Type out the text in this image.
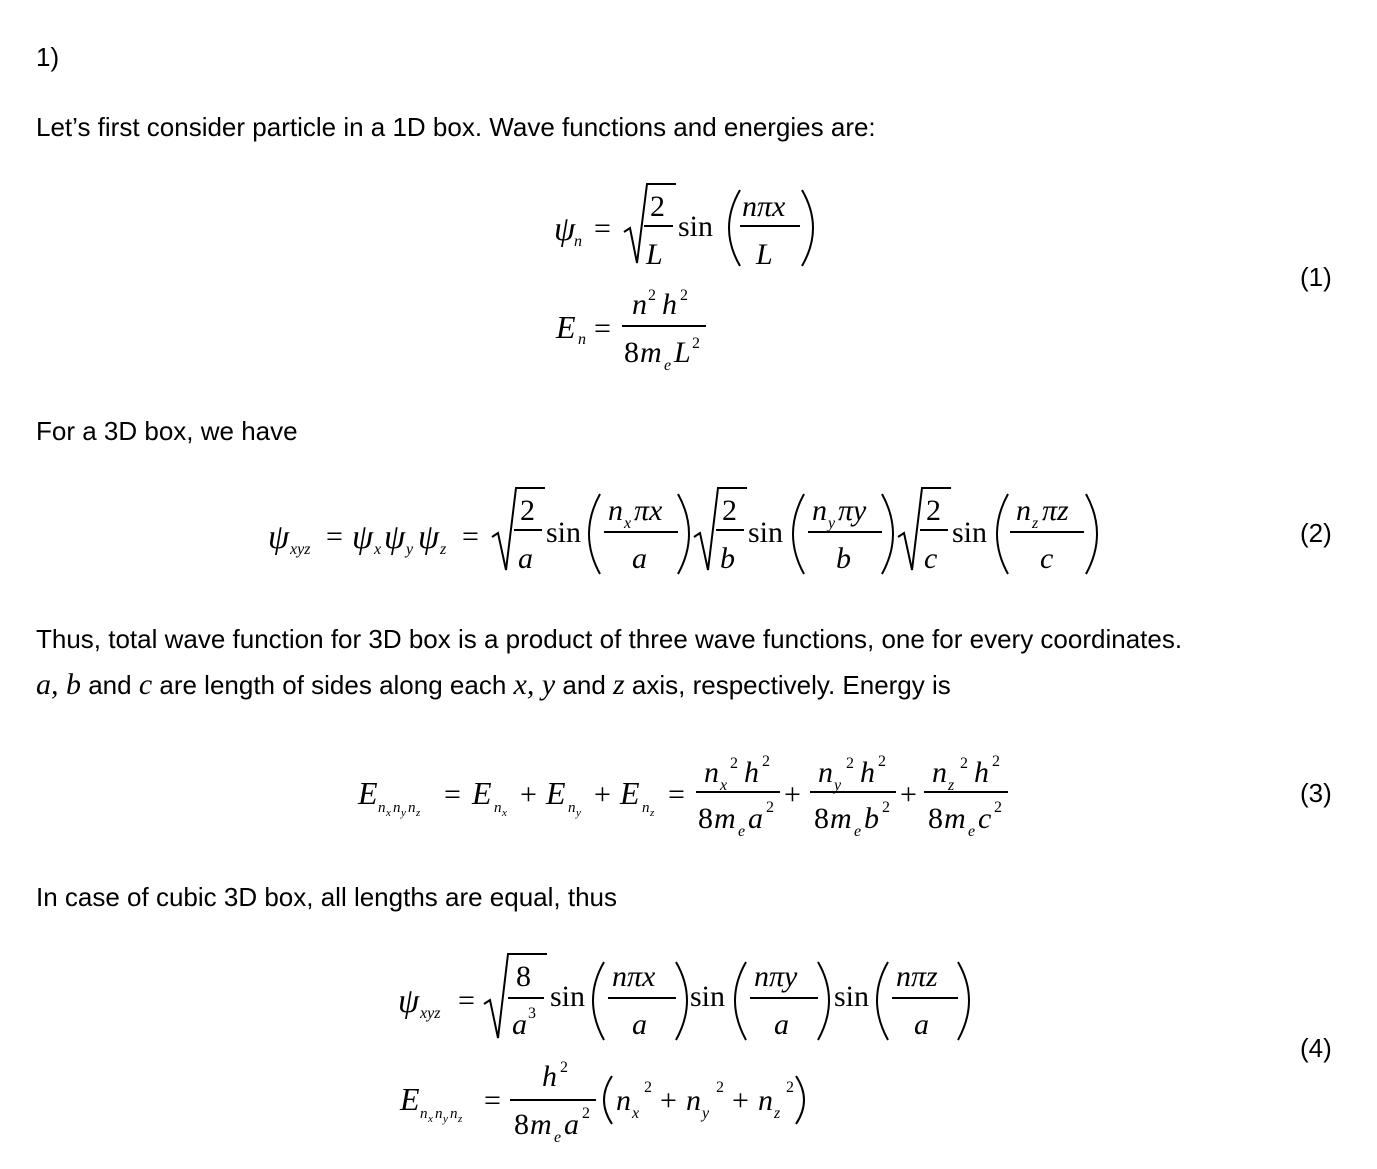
1)
Let’s first consider particle in a 1D box. Wave functions and energies are:
For a 3D box, we have
Thus, total wave function for 3D box is a product of three wave functions, one for every coordinates.
a, b and c are length of sides along each x, y and z axis, respectively. Energy is
In case of cubic 3D box, all lengths are equal, thus
(1)
(2)
(3)
(4)
ψ
n =
2
L
sin
nπx
L
E n =
n 2 h 2
8 m e L 2
ψ xyz = ψ x ψ y ψ z =
2
a
sin
n x πx
a
2
b
sin
n y πy
b
2
c
sin
n z πz
c
E n x n y n z
= E n x
+ E n y
+ E n z
=
n x
2 h 2
8 m e a 2 +
n y
2 h 2
8 m e b 2 +
n z
2 h 2
8 m e c 2
ψ xyz =
8
a 3
sin
nπx
a
sin
nπy
a
sin
nπz
a
E n x n y n z
=
h 2
8 m e a 2 n x
2 + n y
2 + n z
2
